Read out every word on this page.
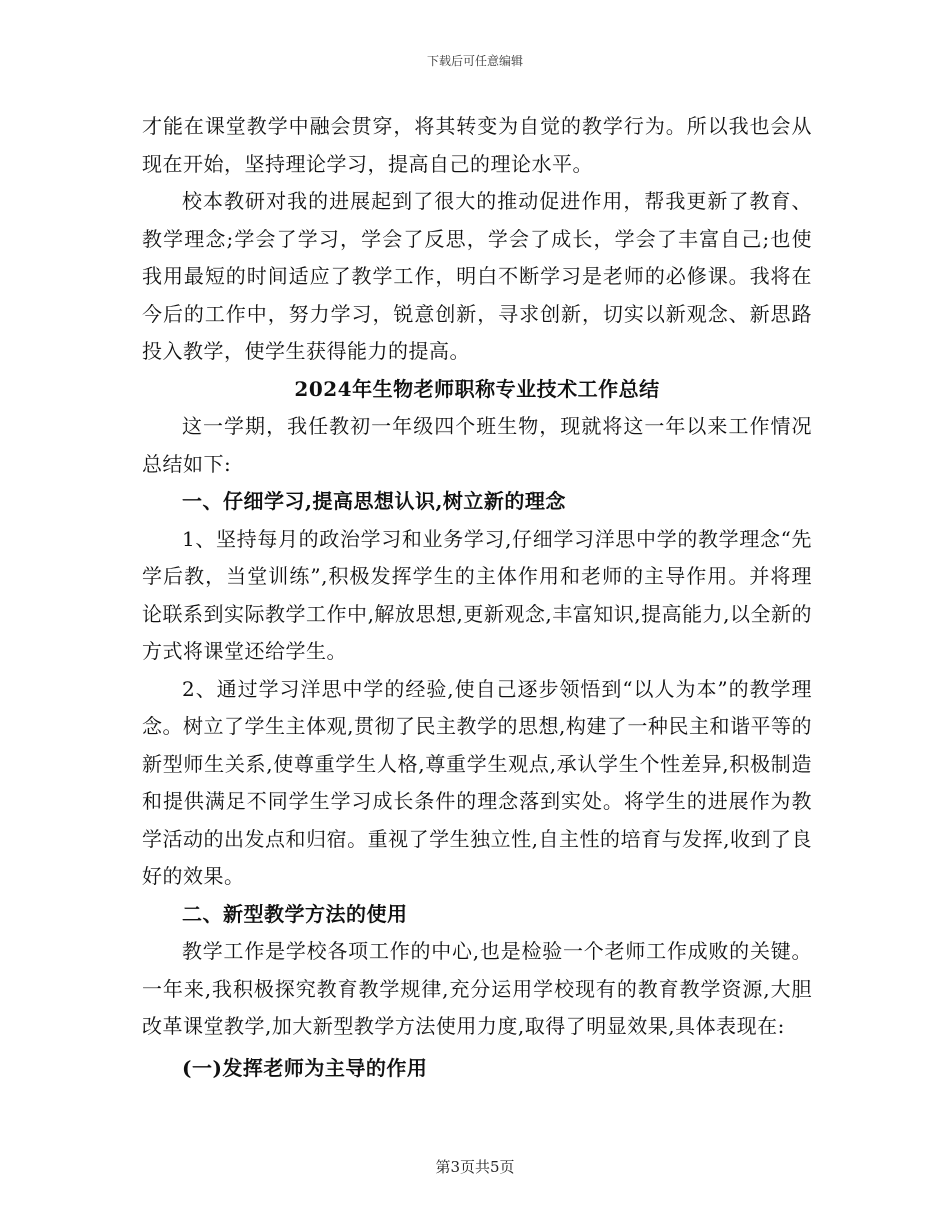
下载后可任意编辑

才能在课堂教学中融会贯穿，将其转变为自觉的教学行为。所以我也会从现在开始，坚持理论学习，提高自己的理论水平。

校本教研对我的进展起到了很大的推动促进作用，帮我更新了教育、教学理念;学会了学习，学会了反思，学会了成长，学会了丰富自己;也使我用最短的时间适应了教学工作，明白不断学习是老师的必修课。我将在今后的工作中，努力学习，锐意创新，寻求创新，切实以新观念、新思路投入教学，使学生获得能力的提高。

2024年生物老师职称专业技术工作总结

这一学期，我任教初一年级四个班生物，现就将这一年以来工作情况总结如下:

一、仔细学习,提高思想认识,树立新的理念

1、坚持每月的政治学习和业务学习,仔细学习洋思中学的教学理念“先学后教，当堂训练”,积极发挥学生的主体作用和老师的主导作用。并将理论联系到实际教学工作中,解放思想,更新观念,丰富知识,提高能力,以全新的方式将课堂还给学生。

2、通过学习洋思中学的经验,使自己逐步领悟到“以人为本”的教学理念。树立了学生主体观,贯彻了民主教学的思想,构建了一种民主和谐平等的新型师生关系,使尊重学生人格,尊重学生观点,承认学生个性差异,积极制造和提供满足不同学生学习成长条件的理念落到实处。将学生的进展作为教学活动的出发点和归宿。重视了学生独立性,自主性的培育与发挥,收到了良好的效果。

二、新型教学方法的使用

教学工作是学校各项工作的中心,也是检验一个老师工作成败的关键。一年来,我积极探究教育教学规律,充分运用学校现有的教育教学资源,大胆改革课堂教学,加大新型教学方法使用力度,取得了明显效果,具体表现在:

(一)发挥老师为主导的作用

第3页共5页
